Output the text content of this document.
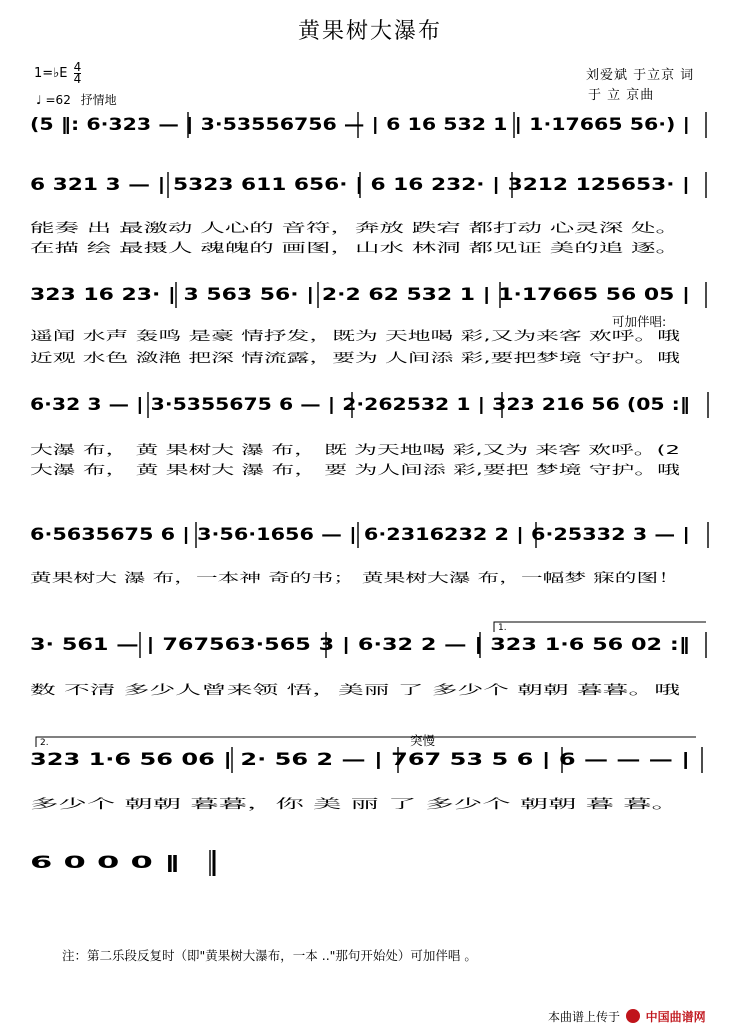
黄果树大瀑布
刘爱斌 于立京 词
于 立 京曲
1=♭E $\frac{4}{4}$
♩ =62 抒情地
(5 ‖: 6·323 — | 3·53556756 — | 6 16 532 1 | 1·17665 56·) |
6 321 3 — | 5323 611 656· | 6 16 232· | 3212 125653· |
能奏 出 最激动 人心的 音符，奔放 跌宕 都打动 心灵深 处。
在描 绘 最摄人 魂魄的 画图，山水 林洞 都见证 美的追 逐。
323 16 23· | 3 563 56· | 2·2 62 532 1 | 1·17665 56 05 |
遥闻 水声 轰鸣 是豪 情抒发，既为 天地喝 彩,又为来客 欢呼。哦
近观 水色 潋滟 把深 情流露，要为 人间添 彩,要把梦境 守护。哦
可加伴唱:
6·32 3 — | 3·5355675 6 — | 2·262532 1 | 323 216 56 (05 :‖
大瀑 布， 黄 果树大 瀑 布， 既 为天地喝 彩,又为 来客 欢呼。(2
大瀑 布， 黄 果树大 瀑 布， 要 为人间添 彩,要把 梦境 守护。哦
6·5635675 6 | 3·56·1656 — | 6·2316232 2 | 6·25332 3 — |
黄果树大 瀑 布，一本神 奇的书； 黄果树大瀑 布，一幅梦 寐的图！
3· 561 — | 767563·565 3 | 6·32 2 — | 323 1·6 56 02 :‖
数 不清 多少人曾来领 悟，美丽 了 多少个 朝朝 暮暮。哦
1.
323 1·6 56 06 | 2· 56 2 — | 767 53 5 6 | 6 — — — |
多少个 朝朝 暮暮，你 美 丽 了 多少个 朝朝 暮 暮。
突慢
2.
6 0 0 0 ‖
注：第二乐段反复时（即"黄果树大瀑布，一本 .."那句开始处）可加伴唱 。
本曲谱上传于 中国曲谱网
